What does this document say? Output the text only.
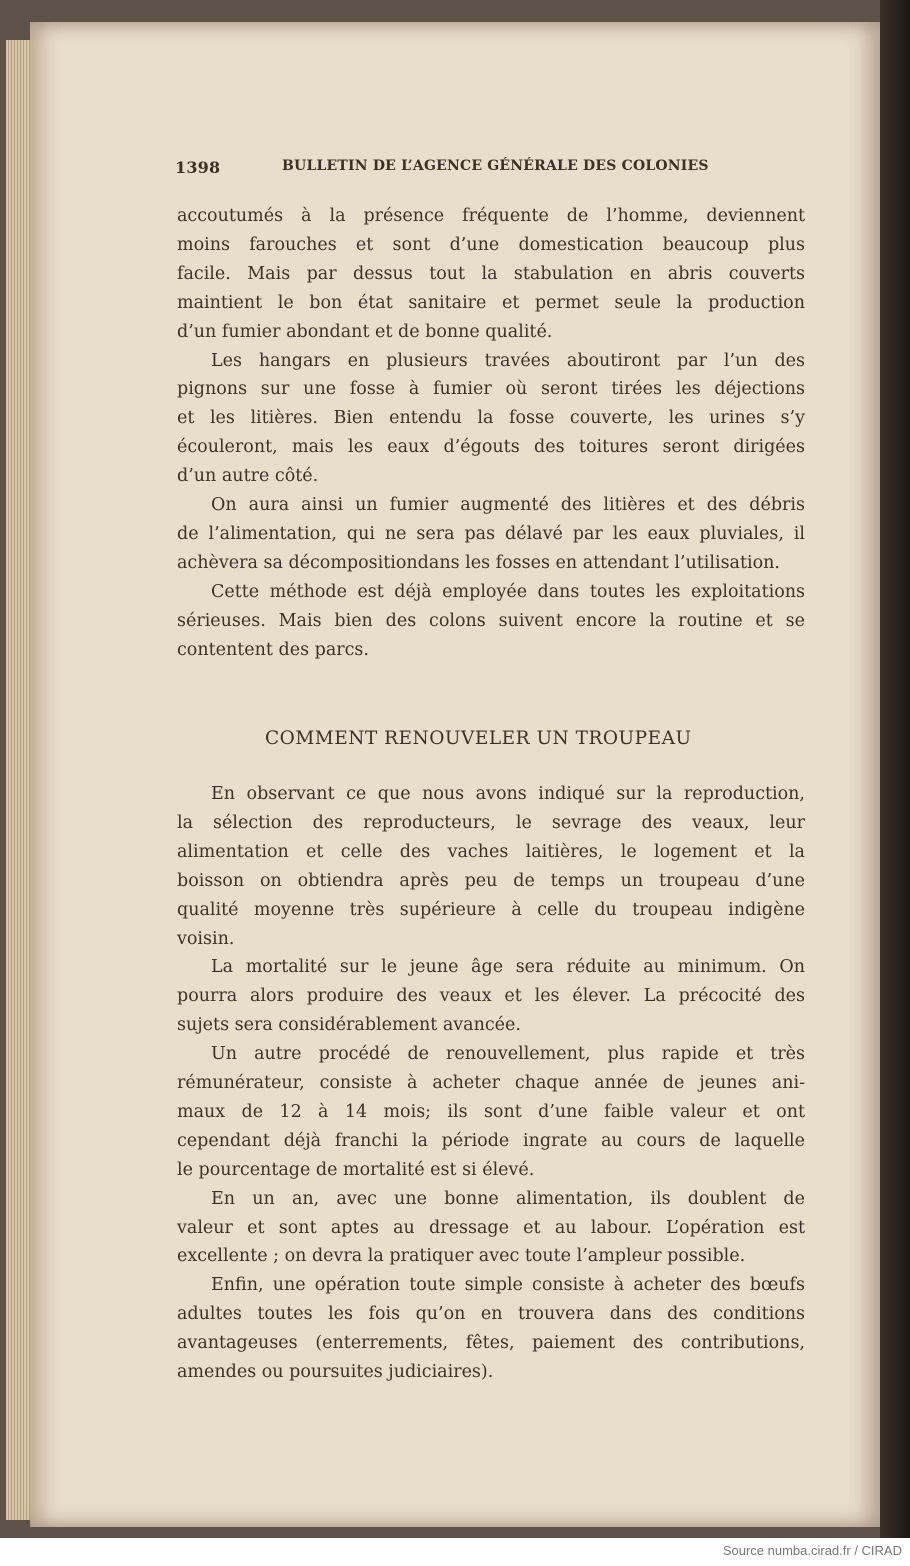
1398	BULLETIN DE L’AGENCE GÉNÉRALE DES COLONIES
accoutumés à la présence fréquente de l’homme, deviennent
moins farouches et sont d’une domestication beaucoup plus
facile. Mais par dessus tout la stabulation en abris couverts
maintient le bon état sanitaire et permet seule la production
d’un fumier abondant et de bonne qualité.
Les hangars en plusieurs travées aboutiront par l’un des
pignons sur une fosse à fumier où seront tirées les déjections
et les litières. Bien entendu la fosse couverte, les urines s’y
écouleront, mais les eaux d’égouts des toitures seront dirigées
d’un autre côté.
On aura ainsi un fumier augmenté des litières et des débris
de l’alimentation, qui ne sera pas délavé par les eaux pluviales, il
achèvera sa décompositiondans les fosses en attendant l’utilisation.
Cette méthode est déjà employée dans toutes les exploitations
sérieuses. Mais bien des colons suivent encore la routine et se
contentent des parcs.
En observant ce que nous avons indiqué sur la reproduction,
la sélection des reproducteurs, le sevrage des veaux, leur
alimentation et celle des vaches laitières, le logement et la
boisson on obtiendra après peu de temps un troupeau d’une
qualité moyenne très supérieure à celle du troupeau indigène
voisin.
La mortalité sur le jeune âge sera réduite au minimum. On
pourra alors produire des veaux et les élever. La précocité des
sujets sera considérablement avancée.
Un autre procédé de renouvellement, plus rapide et très
rémunérateur, consiste à acheter chaque année de jeunes ani-
maux de 12 à 14 mois; ils sont d’une faible valeur et ont
cependant déjà franchi la période ingrate au cours de laquelle
le pourcentage de mortalité est si élevé.
En un an, avec une bonne alimentation, ils doublent de
valeur et sont aptes au dressage et au labour. L’opération est
excellente ; on devra la pratiquer avec toute l’ampleur possible.
Enfin, une opération toute simple consiste à acheter des bœufs
adultes toutes les fois qu’on en trouvera dans des conditions
avantageuses (enterrements, fêtes, paiement des contributions,
amendes ou poursuites judiciaires).
COMMENT RENOUVELER UN TROUPEAU
Source numba.cirad.fr / CIRAD
